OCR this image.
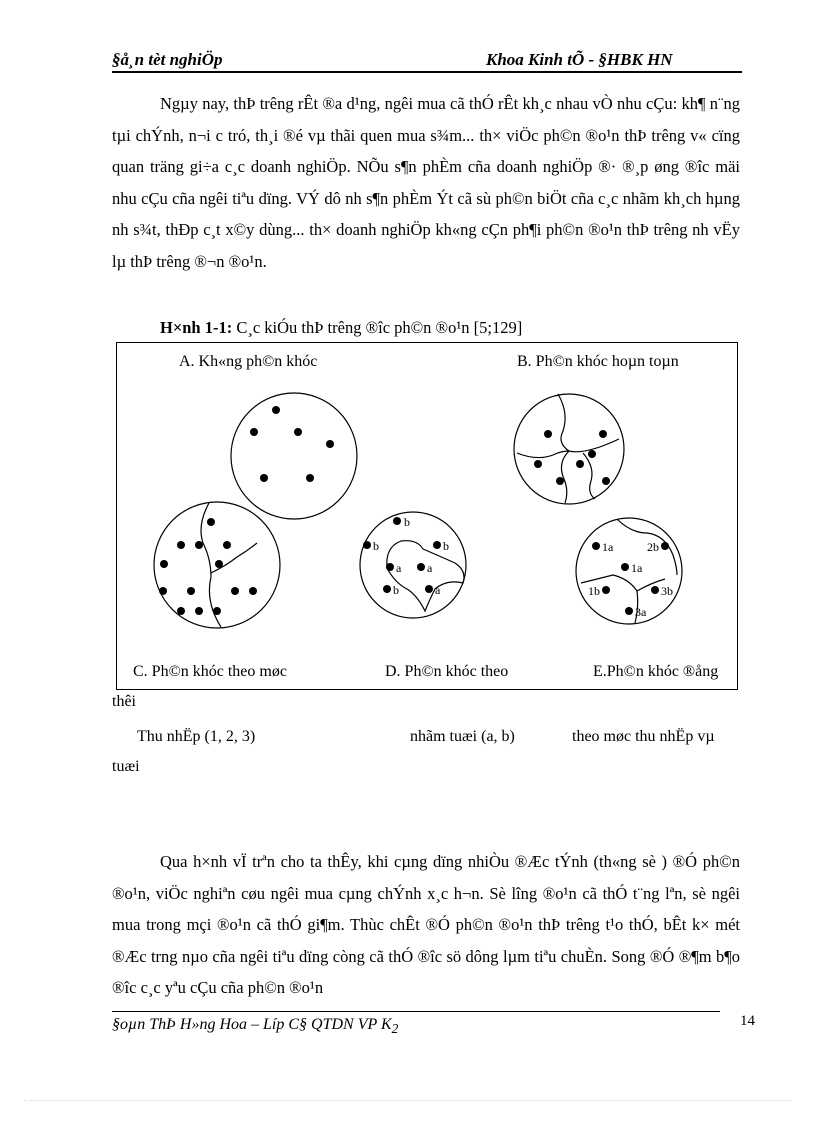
§å¸n tèt nghiÖp	Khoa Kinh tÕ - §HBK HN

Ngµy nay, thÞ trêng rÊt ®a d¹ng, ngêi mua cã thÓ rÊt kh¸c nhau vÒ nhu cÇu: kh¶ n¨ng tµi chÝnh, n¬i c tró, th¸i ®é vµ thãi quen mua s¾m... th× viÖc ph©n ®o¹n thÞ trêng v« cïng quan träng gi÷a c¸c doanh nghiÖp. NÕu s¶n phÈm cña doanh nghiÖp ®· ®¸p øng ®îc mäi nhu cÇu cña ngêi tiªu dïng. VÝ dô nh s¶n phÈm Ýt cã sù ph©n biÖt cña c¸c nhãm kh¸ch hµng nh s¾t, thÐp c¸t x©y dùng... th× doanh nghiÖp kh«ng cÇn ph¶i ph©n ®o¹n thÞ trêng nh vËy lµ thÞ trêng ®¬n ®o¹n.

H×nh 1-1: C¸c kiÓu thÞ trêng ®îc ph©n ®o¹n [5;129]
A. Kh«ng ph©n khóc	B. Ph©n khóc hoµn toµn
b
b	b
a a
b	a
1a	2b
1a
1b	3b
3a
C. Ph©n khóc theo møc	D. Ph©n khóc theo	E.Ph©n khóc ®ång
thêi
Thu nhËp (1, 2, 3)	nhãm tuæi (a, b)	theo møc thu nhËp vµ
tuæi

Qua h×nh vÏ trªn cho ta thÊy, khi cµng dïng nhiÒu ®Æc tÝnh (th«ng sè ) ®Ó ph©n ®o¹n, viÖc nghiªn cøu ngêi mua cµng chÝnh x¸c h¬n. Sè lîng ®o¹n cã thÓ t¨ng lªn, sè ngêi mua trong mçi ®o¹n cã thÓ gi¶m. Thùc chÊt ®Ó ph©n ®o¹n thÞ trêng t¹o thÓ, bÊt k× mét ®Æc trng nµo cña ngêi tiªu dïng còng cã thÓ ®îc sö dông lµm tiªu chuÈn. Song ®Ó ®¶m b¶o ®îc c¸c yªu cÇu cña ph©n ®o¹n

§oµn ThÞ H»ng Hoa – Líp C§ QTDN VP $K_2$	14
